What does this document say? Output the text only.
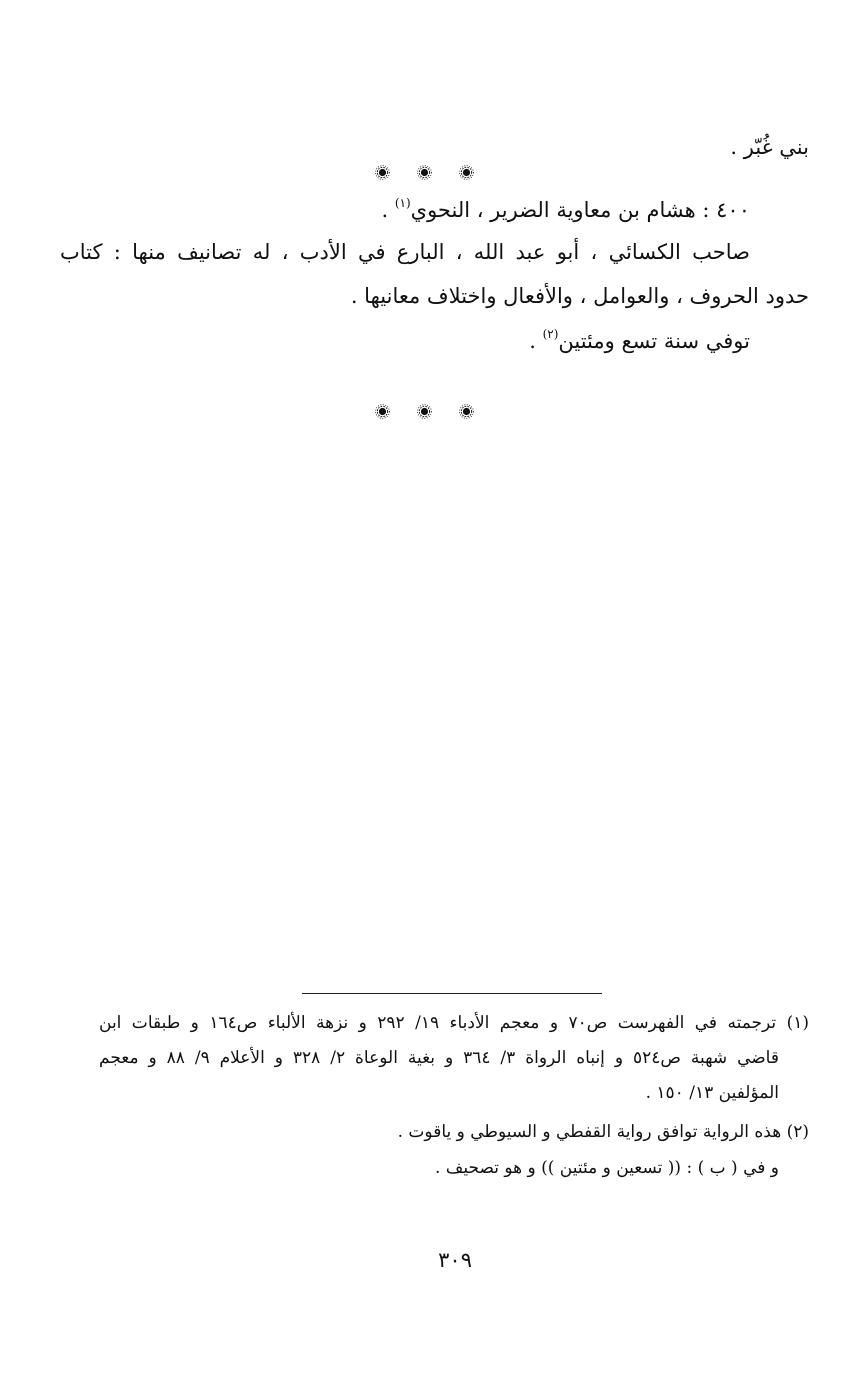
بني غُبّر .
٤٠٠ : هشام بن معاوية الضرير ، النحوي$^{(١)}$ .
صاحب الكسائي ، أبو عبد الله ، البارع في الأدب ، له تصانيف منها : كتاب
حدود الحروف ، والعوامل ، والأفعال واختلاف معانيها .
توفي سنة تسع ومئتين$^{(٢)}$ .
(١) ترجمته في الفهرست ص٧٠ و معجم الأدباء ١٩/ ٢٩٢ و نزهة الألباء ص١٦٤ و طبقات ابن
قاضي شهبة ص٥٢٤ و إنباه الرواة ٣/ ٣٦٤ و بغية الوعاة ٢/ ٣٢٨ و الأعلام ٩/ ٨٨ و معجم
المؤلفين ١٣/ ١٥٠ .
(٢) هذه الرواية توافق رواية القفطي و السيوطي و ياقوت .
و في ( ب ) : (( تسعين و مئتين )) و هو تصحيف .
٣٠٩
